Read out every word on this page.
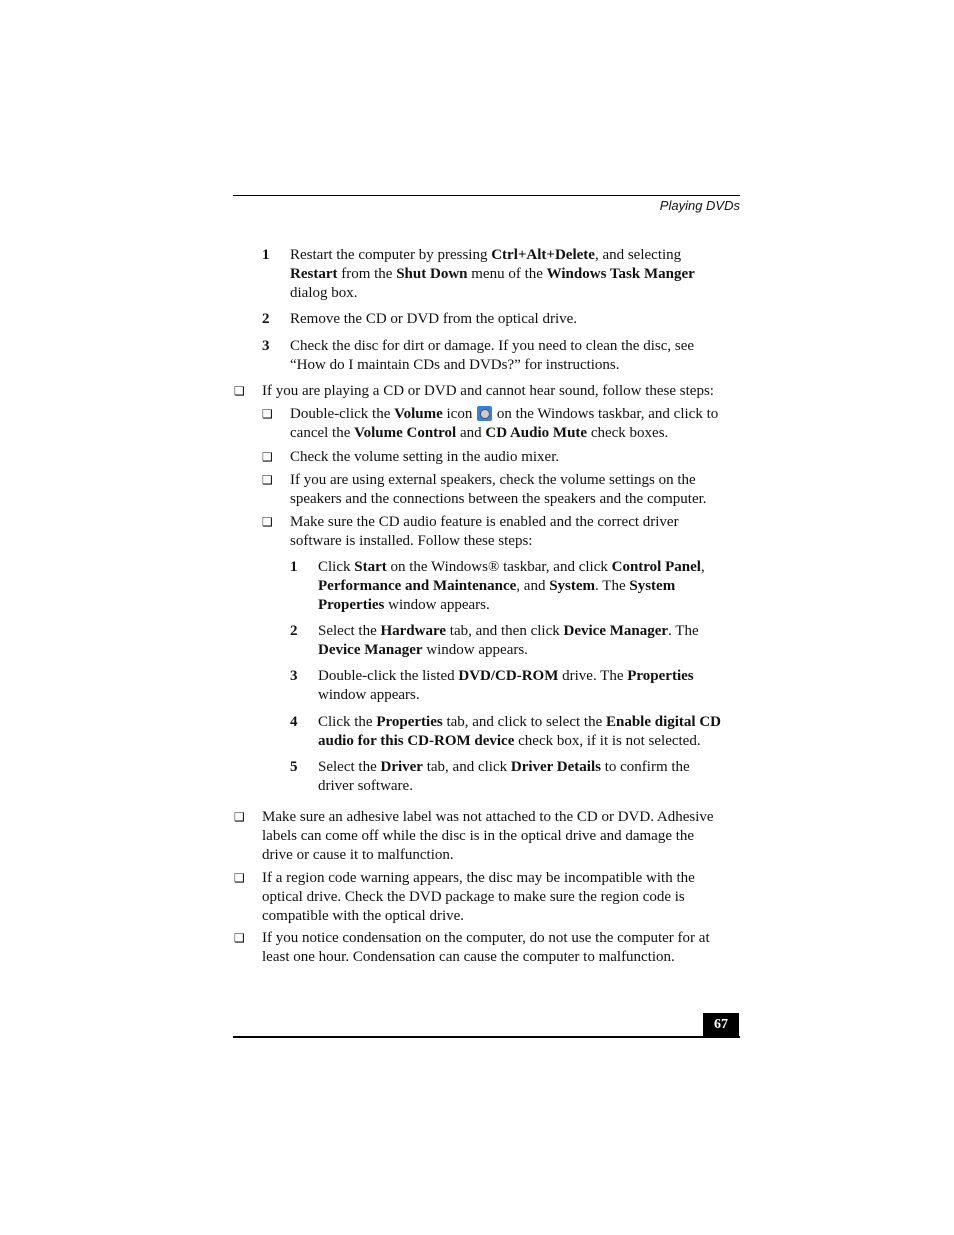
Playing DVDs
1 Restart the computer by pressing Ctrl+Alt+Delete, and selecting
Restart from the Shut Down menu of the Windows Task Manger
dialog box.
2 Remove the CD or DVD from the optical drive.
3 Check the disc for dirt or damage. If you need to clean the disc, see
“How do I maintain CDs and DVDs?” for instructions.
❑ If you are playing a CD or DVD and cannot hear sound, follow these steps:
❑ Double-click the Volume icon  on the Windows taskbar, and click to
cancel the Volume Control and CD Audio Mute check boxes.
❑ Check the volume setting in the audio mixer.
❑ If you are using external speakers, check the volume settings on the
speakers and the connections between the speakers and the computer.
❑ Make sure the CD audio feature is enabled and the correct driver
software is installed. Follow these steps:
1 Click Start on the Windows® taskbar, and click Control Panel,
Performance and Maintenance, and System. The System
Properties window appears.
2 Select the Hardware tab, and then click Device Manager. The
Device Manager window appears.
3 Double-click the listed DVD/CD-ROM drive. The Properties
window appears.
4 Click the Properties tab, and click to select the Enable digital CD
audio for this CD-ROM device check box, if it is not selected.
5 Select the Driver tab, and click Driver Details to confirm the
driver software.
❑ Make sure an adhesive label was not attached to the CD or DVD. Adhesive
labels can come off while the disc is in the optical drive and damage the
drive or cause it to malfunction.
❑ If a region code warning appears, the disc may be incompatible with the
optical drive. Check the DVD package to make sure the region code is
compatible with the optical drive.
❑ If you notice condensation on the computer, do not use the computer for at
least one hour. Condensation can cause the computer to malfunction.
67
